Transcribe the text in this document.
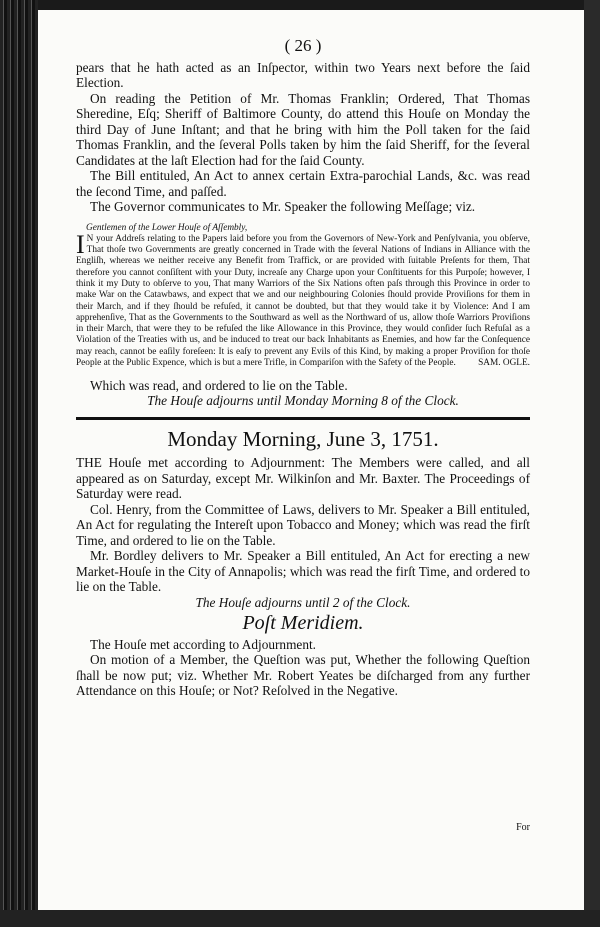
( 26 )

pears that he hath acted as an Inſpector, within two Years next before the ſaid Election.

On reading the Petition of Mr. Thomas Franklin; Ordered, That Thomas Sheredine, Eſq; Sheriff of Baltimore County, do attend this Houſe on Monday the third Day of June Inſtant; and that he bring with him the Poll taken for the ſaid Thomas Franklin, and the ſeveral Polls taken by him the ſaid Sheriff, for the ſeveral Candidates at the laſt Election had for the ſaid County.

The Bill entituled, An Act to annex certain Extra-parochial Lands, &c. was read the ſecond Time, and paſſed.

The Governor communicates to Mr. Speaker the following Meſſage; viz.

Gentlemen of the Lower Houſe of Aſſembly,
I N your Addreſs relating to the Papers laid before you from the Governors of New-York and Penſylvania, you obſerve, That thoſe two Governments are greatly concerned in Trade with the ſeveral Nations of Indians in Alliance with the Engliſh, whereas we neither receive any Benefit from Traffick, or are provided with ſuitable Preſents for them, That therefore you cannot conſiſtent with your Duty, increaſe any Charge upon your Conſtituents for this Purpoſe; however, I think it my Duty to obſerve to you, That many Warriors of the Six Nations often paſs through this Province in order to make War on the Catawbaws, and expect that we and our neighbouring Colonies ſhould provide Proviſions for them in their March, and if they ſhould be refuſed, it cannot be doubted, but that they would take it by Violence: And I am apprehenſive, That as the Governments to the Southward as well as the Northward of us, allow thoſe Warriors Proviſions in their March, that were they to be refuſed the like Allowance in this Province, they would conſider ſuch Refuſal as a Violation of the Treaties with us, and be induced to treat our back Inhabitants as Enemies, and how far the Conſequence may reach, cannot be eaſily foreſeen: It is eaſy to prevent any Evils of this Kind, by making a proper Proviſion for thoſe People at the Public Expence, which is but a mere Trifle, in Compariſon with the Safety of the People.	SAM. OGLE.

Which was read, and ordered to lie on the Table.

The Houſe adjourns until Monday Morning 8 of the Clock.

Monday Morning, June 3, 1751.

THE Houſe met according to Adjournment: The Members were called, and all appeared as on Saturday, except Mr. Wilkinſon and Mr. Baxter. The Proceedings of Saturday were read.

Col. Henry, from the Committee of Laws, delivers to Mr. Speaker a Bill entituled, An Act for regulating the Intereſt upon Tobacco and Money; which was read the firſt Time, and ordered to lie on the Table.

Mr. Bordley delivers to Mr. Speaker a Bill entituled, An Act for erecting a new Market-Houſe in the City of Annapolis; which was read the firſt Time, and ordered to lie on the Table.

The Houſe adjourns until 2 of the Clock.

Poſt Meridiem.

The Houſe met according to Adjournment.

On motion of a Member, the Queſtion was put, Whether the following Queſtion ſhall be now put; viz. Whether Mr. Robert Yeates be diſcharged from any further Attendance on this Houſe; or Not? Reſolved in the Negative.

For
